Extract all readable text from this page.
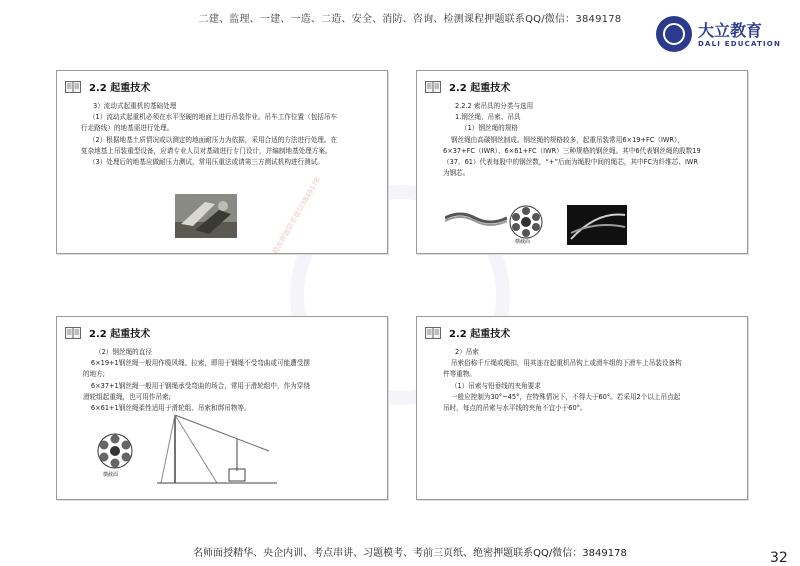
二建、监理、一建、一造、二造、安全、消防、咨询、检测课程押题联系QQ/微信：3849178
大立教育
DALI EDUCATION
2.2 起重技术

3）流动式起重机的基础处理

（1）流动式起重机必须在水平坚硬的地面上进行吊装作业。吊车工作位置（包括吊车行走路线）的地基需进行处理。

（2）根据地基土质情况或以测定的地面耐压力为依据，采用合适的方法进行处理。在复杂地基上吊装重型设备，应请专业人员对基础进行专门设计，并编制地基处理方案。

（3）处理后的地基应做耐压力测试，常用压重法或请第三方测试机构进行测试。

精准押题联系微信3849178
2.2 起重技术

2.2.2 索吊具的分类与选用

1.钢丝绳、吊索、吊具

（1）钢丝绳的规格

钢丝绳由高碳钢丝制成。钢丝绳的规格较多，起重吊装常用6×19+FC（IWR），6×37+FC（IWR）、6×61+FC（IWR）三种规格的钢丝绳。其中6代表钢丝绳的股数19（37、61）代表每股中的钢丝数，“+”后面为绳股中间的绳芯，其中FC为纤维芯、IWR为钢芯。

横截面
2.2 起重技术

（2）钢丝绳的直径

6×19+1钢丝绳一般用作缆风绳、拉索，即用于钢绳不受弯曲或可能遭受摆的地方;

6×37+1钢丝绳一般用于钢绳承受弯曲的场合，常用于滑轮组中，作为穿绕滑轮组起重绳，也可用作吊索;

6×61+1钢丝绳柔性适用于滑轮组、吊索和绑吊物等。

横截面
2.2 起重技术

2）吊索

吊索俗称千斤绳或绳扣，用其连在起重机吊钩上或滑车组的下滑车上吊装设备构件等重物。

（1）吊索与铅垂线的夹角要求

一般应控制为30°~45°，在特殊情况下，不得大于60°。若采用2个以上吊点起吊时，每点的吊索与水平线的夹角不宜小于60°。

名师面授精华、央企内训、考点串讲、习题模考、考前三页纸、绝密押题联系QQ/微信：3849178	32
